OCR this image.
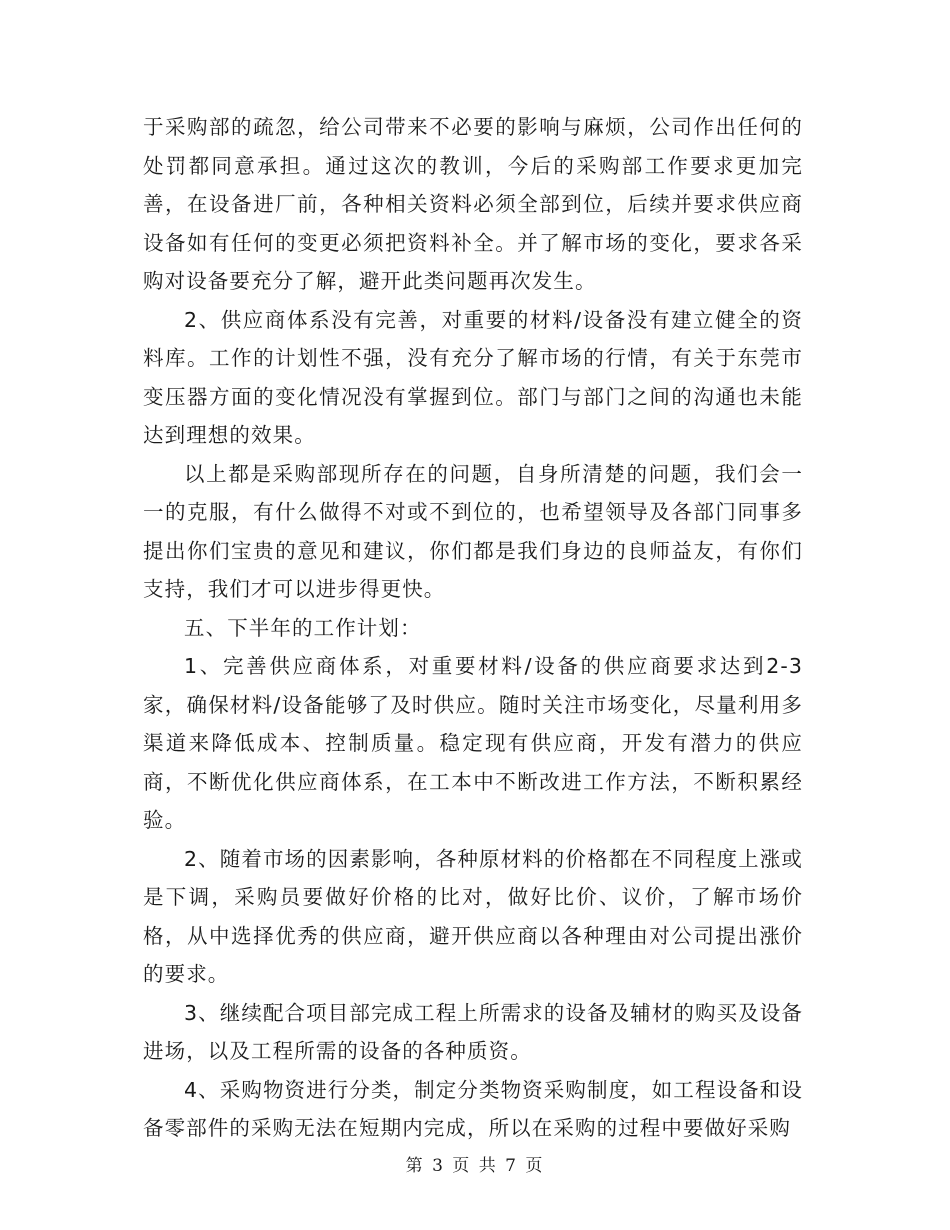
于采购部的疏忽，给公司带来不必要的影响与麻烦，公司作出任何的处罚都同意承担。通过这次的教训，今后的采购部工作要求更加完善，在设备进厂前，各种相关资料必须全部到位，后续并要求供应商设备如有任何的变更必须把资料补全。并了解市场的变化，要求各采购对设备要充分了解，避开此类问题再次发生。

2、供应商体系没有完善，对重要的材料/设备没有建立健全的资料库。工作的计划性不强，没有充分了解市场的行情，有关于东莞市变压器方面的变化情况没有掌握到位。部门与部门之间的沟通也未能达到理想的效果。

以上都是采购部现所存在的问题，自身所清楚的问题，我们会一一的克服，有什么做得不对或不到位的，也希望领导及各部门同事多提出你们宝贵的意见和建议，你们都是我们身边的良师益友，有你们支持，我们才可以进步得更快。

五、下半年的工作计划：

1、完善供应商体系，对重要材料/设备的供应商要求达到2-3家，确保材料/设备能够了及时供应。随时关注市场变化，尽量利用多渠道来降低成本、控制质量。稳定现有供应商，开发有潜力的供应商，不断优化供应商体系，在工本中不断改进工作方法，不断积累经验。

2、随着市场的因素影响，各种原材料的价格都在不同程度上涨或是下调，采购员要做好价格的比对，做好比价、议价，了解市场价格，从中选择优秀的供应商，避开供应商以各种理由对公司提出涨价的要求。

3、继续配合项目部完成工程上所需求的设备及辅材的购买及设备进场，以及工程所需的设备的各种质资。

4、采购物资进行分类，制定分类物资采购制度，如工程设备和设备零部件的采购无法在短期内完成，所以在采购的过程中要做好采购

第 3 页 共 7 页
